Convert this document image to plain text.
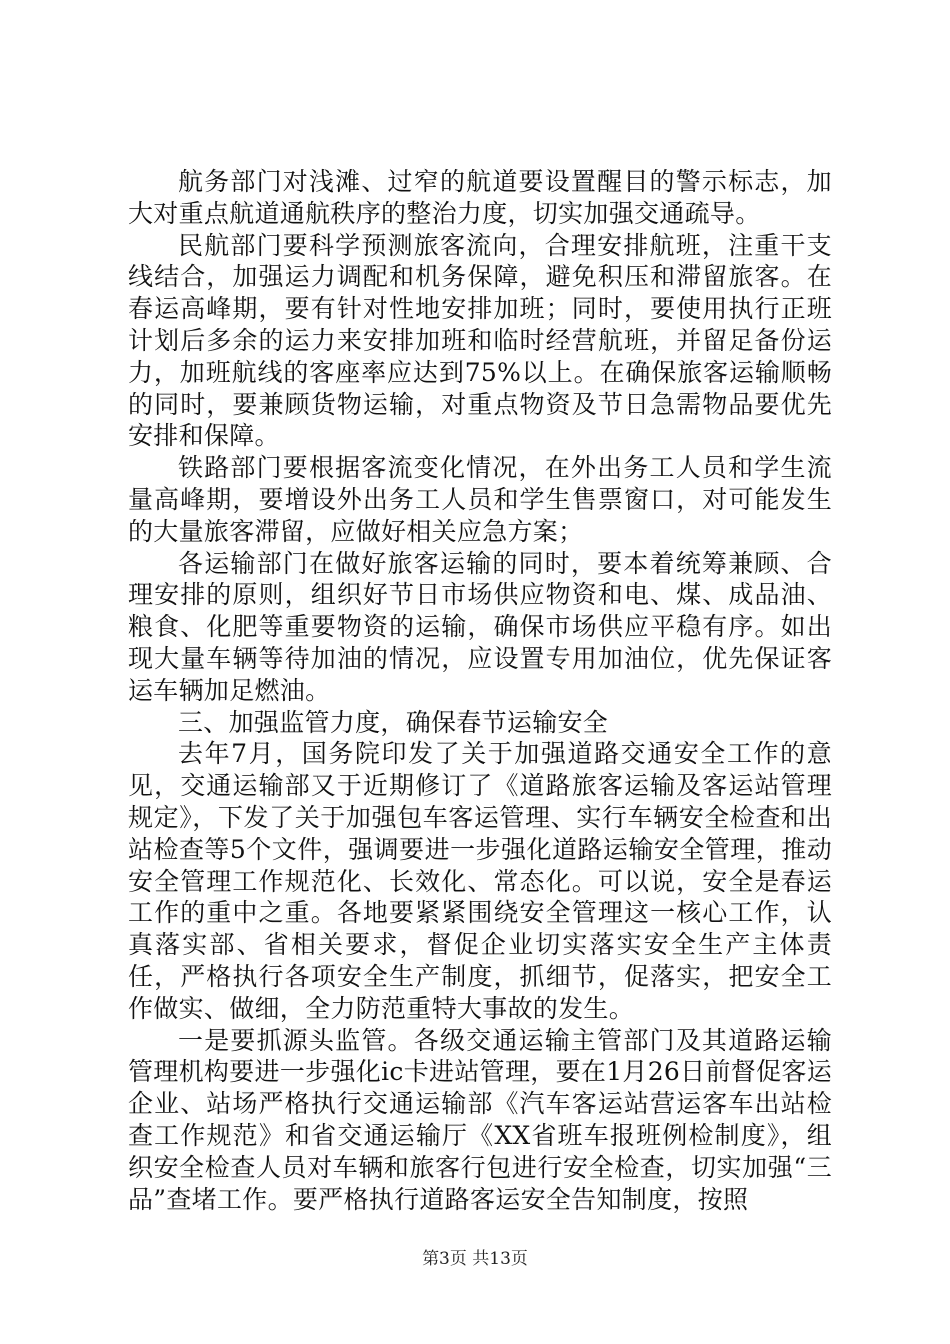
航务部门对浅滩、过窄的航道要设置醒目的警示标志，加大对重点航道通航秩序的整治力度，切实加强交通疏导。

民航部门要科学预测旅客流向，合理安排航班，注重干支线结合，加强运力调配和机务保障，避免积压和滞留旅客。在春运高峰期，要有针对性地安排加班；同时，要使用执行正班计划后多余的运力来安排加班和临时经营航班，并留足备份运力，加班航线的客座率应达到75%以上。在确保旅客运输顺畅的同时，要兼顾货物运输，对重点物资及节日急需物品要优先安排和保障。

铁路部门要根据客流变化情况，在外出务工人员和学生流量高峰期，要增设外出务工人员和学生售票窗口，对可能发生的大量旅客滞留，应做好相关应急方案；

各运输部门在做好旅客运输的同时，要本着统筹兼顾、合理安排的原则，组织好节日市场供应物资和电、煤、成品油、粮食、化肥等重要物资的运输，确保市场供应平稳有序。如出现大量车辆等待加油的情况，应设置专用加油位，优先保证客运车辆加足燃油。

三、加强监管力度，确保春节运输安全

去年7月，国务院印发了关于加强道路交通安全工作的意见，交通运输部又于近期修订了《道路旅客运输及客运站管理规定》，下发了关于加强包车客运管理、实行车辆安全检查和出站检查等5个文件，强调要进一步强化道路运输安全管理，推动安全管理工作规范化、长效化、常态化。可以说，安全是春运工作的重中之重。各地要紧紧围绕安全管理这一核心工作，认真落实部、省相关要求，督促企业切实落实安全生产主体责任，严格执行各项安全生产制度，抓细节，促落实，把安全工作做实、做细，全力防范重特大事故的发生。

一是要抓源头监管。各级交通运输主管部门及其道路运输管理机构要进一步强化ic卡进站管理，要在1月26日前督促客运企业、站场严格执行交通运输部《汽车客运站营运客车出站检查工作规范》和省交通运输厅《XX省班车报班例检制度》，组织安全检查人员对车辆和旅客行包进行安全检查，切实加强“三品”查堵工作。要严格执行道路客运安全告知制度，按照

第3页 共13页
